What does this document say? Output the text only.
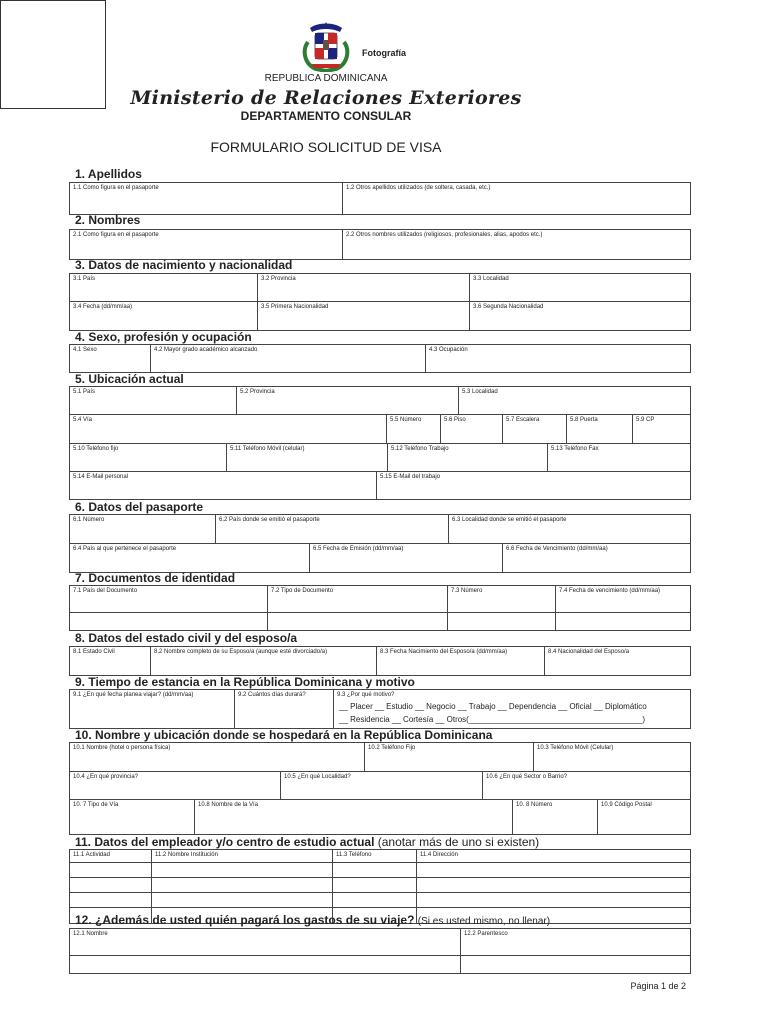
REPUBLICA DOMINICANA
Ministerio de Relaciones Exteriores
DEPARTAMENTO CONSULAR
FORMULARIO SOLICITUD DE VISA
Fotografía
1. Apellidos
1.1 Como figura en el pasaporte	1.2 Otros apellidos utilizados (de soltera, casada, etc.)
2. Nombres
2.1 Como figura en el pasaporte	2.2 Otros nombres utilizados (religiosos, profesionales, alias, apodos etc.)
3. Datos de nacimiento y nacionalidad
3.1 País	3.2 Provincia	3.3 Localidad
3.4 Fecha (dd/mm/aa)	3.5 Primera Nacionalidad	3.6 Segunda Nacionalidad
4. Sexo, profesión y ocupación
4.1 Sexo	4.2 Mayor grado académico alcanzado	4.3 Ocupación
5. Ubicación actual
5.1 País	5.2 Provincia	5.3 Localidad
5.4 Vía	5.5 Número	5.6 Piso	5.7 Escalera	5.8 Puerta	5.9 CP
5.10 Teléfono fijo	5.11 Teléfono Móvil (celular)	5.12 Teléfono Trabajo	5.13 Teléfono Fax
5.14 E-Mail personal	5.15 E-Mail del trabajo
6. Datos del pasaporte
6.1 Número	6.2 País donde se emitió el pasaporte	6.3 Localidad donde se emitió el pasaporte
6.4 País al que pertenece el pasaporte	6.5 Fecha de Emisión (dd/mm/aa)	6.6 Fecha de Vencimiento (dd/mm/aa)
7. Documentos de identidad
7.1 País del Documento	7.2 Tipo de Documento	7.3 Número	7.4 Fecha de vencimiento (dd/mm/aa)

8. Datos del estado civil y del esposo/a
8.1 Estado Civil	8.2 Nombre completo de su Esposo/a (aunque esté divorciado/a)	8.3 Fecha Nacimiento del Esposo/a (dd/mm/aa)	8.4 Nacionalidad del Esposo/a
9. Tiempo de estancia en la República Dominicana y motivo
9.1 ¿En qué fecha planea viajar? (dd/mm/aa)	9.2 Cuántos días durará?	9.3 ¿Por qué motivo?
__ Placer __ Estudio __ Negocio __ Trabajo __ Dependencia __ Oficial __ Diplomático
__ Residencia __ Cortesía __ Otros(_______________________________________)
10. Nombre y ubicación donde se hospedará en la República Dominicana
10.1 Nombre (hotel o persona física)	10.2 Teléfono Fijo	10.3 Teléfono Móvil (Celular)
10.4 ¿En qué provincia?	10.5 ¿En qué Localidad?	10.6 ¿En qué Sector o Barrio?
10. 7 Tipo de Vía	10.8 Nombre de la Vía	10. 8 Número	10.9 Código Postal
11. Datos del empleador y/o centro de estudio actual (anotar más de uno si existen)
11.1 Actividad	11.2 Nombre Institución	11.3 Teléfono	11.4 Dirección

12. ¿Además de usted quién pagará los gastos de su viaje? (Si es usted mismo, no llenar)
12.1 Nombre	12.2 Parentesco

Página 1 de 2
